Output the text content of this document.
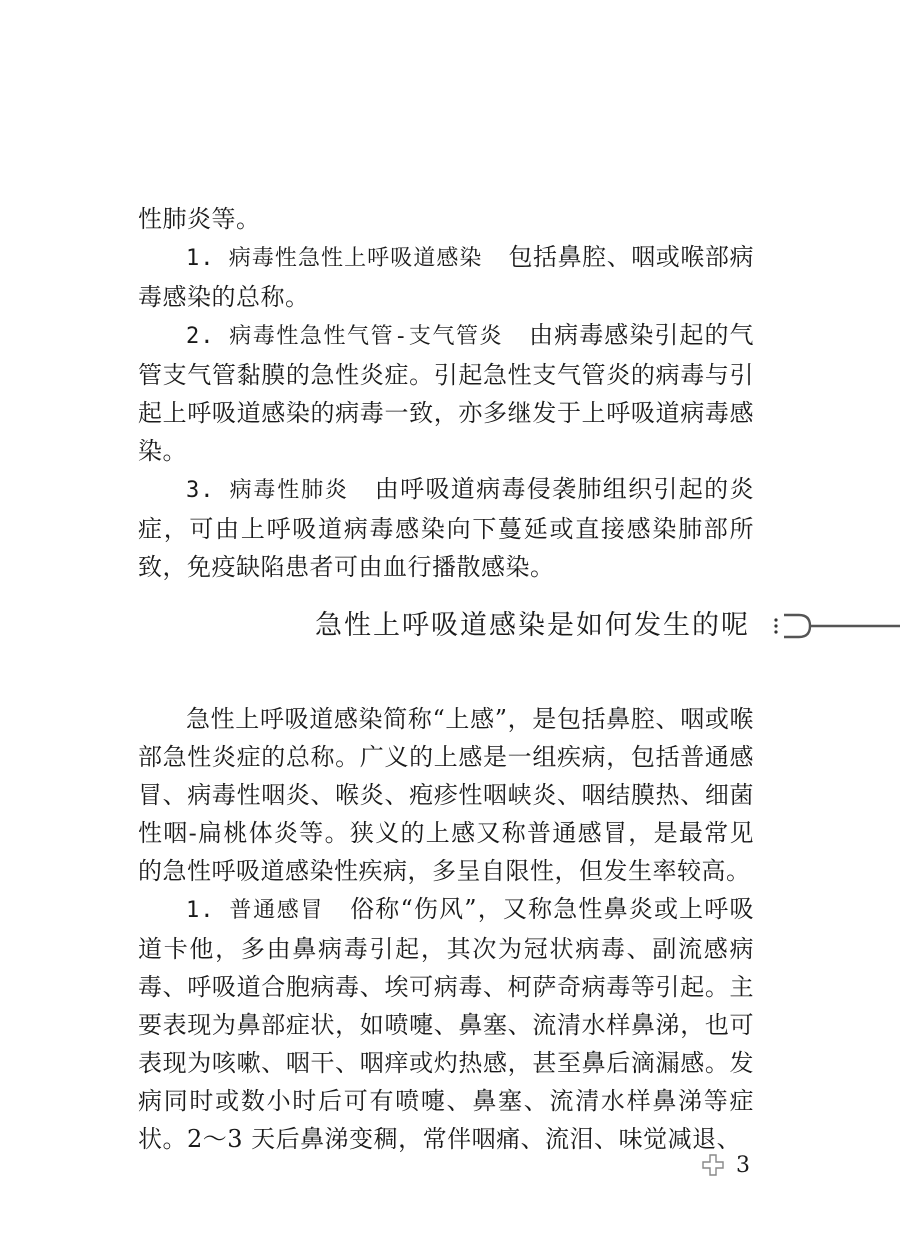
性肺炎等。

1. 病毒性急性上呼吸道感染 包括鼻腔、咽或喉部病毒感染的总称。

2. 病毒性急性气管-支气管炎 由病毒感染引起的气管支气管黏膜的急性炎症。引起急性支气管炎的病毒与引起上呼吸道感染的病毒一致，亦多继发于上呼吸道病毒感染。

3. 病毒性肺炎 由呼吸道病毒侵袭肺组织引起的炎症，可由上呼吸道病毒感染向下蔓延或直接感染肺部所致，免疫缺陷患者可由血行播散感染。

急性上呼吸道感染是如何发生的呢

急性上呼吸道感染简称“上感”，是包括鼻腔、咽或喉部急性炎症的总称。广义的上感是一组疾病，包括普通感冒、病毒性咽炎、喉炎、疱疹性咽峡炎、咽结膜热、细菌性咽-扁桃体炎等。狭义的上感又称普通感冒，是最常见的急性呼吸道感染性疾病，多呈自限性，但发生率较高。

1. 普通感冒 俗称“伤风”，又称急性鼻炎或上呼吸道卡他，多由鼻病毒引起，其次为冠状病毒、副流感病毒、呼吸道合胞病毒、埃可病毒、柯萨奇病毒等引起。主要表现为鼻部症状，如喷嚏、鼻塞、流清水样鼻涕，也可表现为咳嗽、咽干、咽痒或灼热感，甚至鼻后滴漏感。发病同时或数小时后可有喷嚏、鼻塞、流清水样鼻涕等症状。2～3 天后鼻涕变稠，常伴咽痛、流泪、味觉减退、

3
